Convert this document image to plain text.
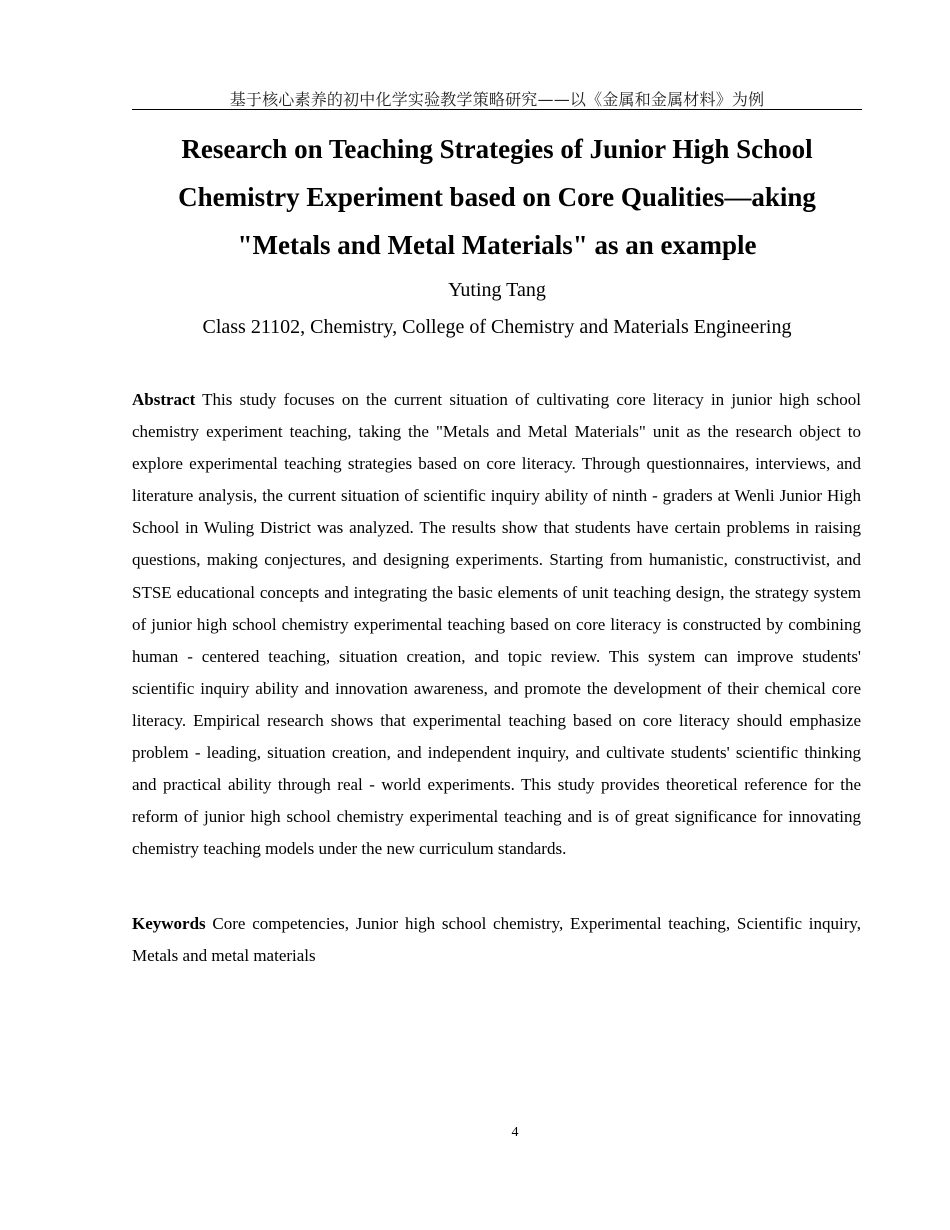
基于核心素养的初中化学实验教学策略研究——以《金属和金属材料》为例
Research on Teaching Strategies of Junior High School Chemistry Experiment based on Core Qualities—aking "Metals and Metal Materials" as an example
Yuting Tang
Class 21102, Chemistry, College of Chemistry and Materials Engineering

Abstract This study focuses on the current situation of cultivating core literacy in junior high school chemistry experiment teaching, taking the "Metals and Metal Materials" unit as the research object to explore experimental teaching strategies based on core literacy. Through questionnaires, interviews, and literature analysis, the current situation of scientific inquiry ability of ninth - graders at Wenli Junior High School in Wuling District was analyzed. The results show that students have certain problems in raising questions, making conjectures, and designing experiments. Starting from humanistic, constructivist, and STSE educational concepts and integrating the basic elements of unit teaching design, the strategy system of junior high school chemistry experimental teaching based on core literacy is constructed by combining human - centered teaching, situation creation, and topic review. This system can improve students' scientific inquiry ability and innovation awareness, and promote the development of their chemical core literacy. Empirical research shows that experimental teaching based on core literacy should emphasize problem - leading, situation creation, and independent inquiry, and cultivate students' scientific thinking and practical ability through real - world experiments. This study provides theoretical reference for the reform of junior high school chemistry experimental teaching and is of great significance for innovating chemistry teaching models under the new curriculum standards.

Keywords Core competencies, Junior high school chemistry, Experimental teaching, Scientific inquiry, Metals and metal materials

4
